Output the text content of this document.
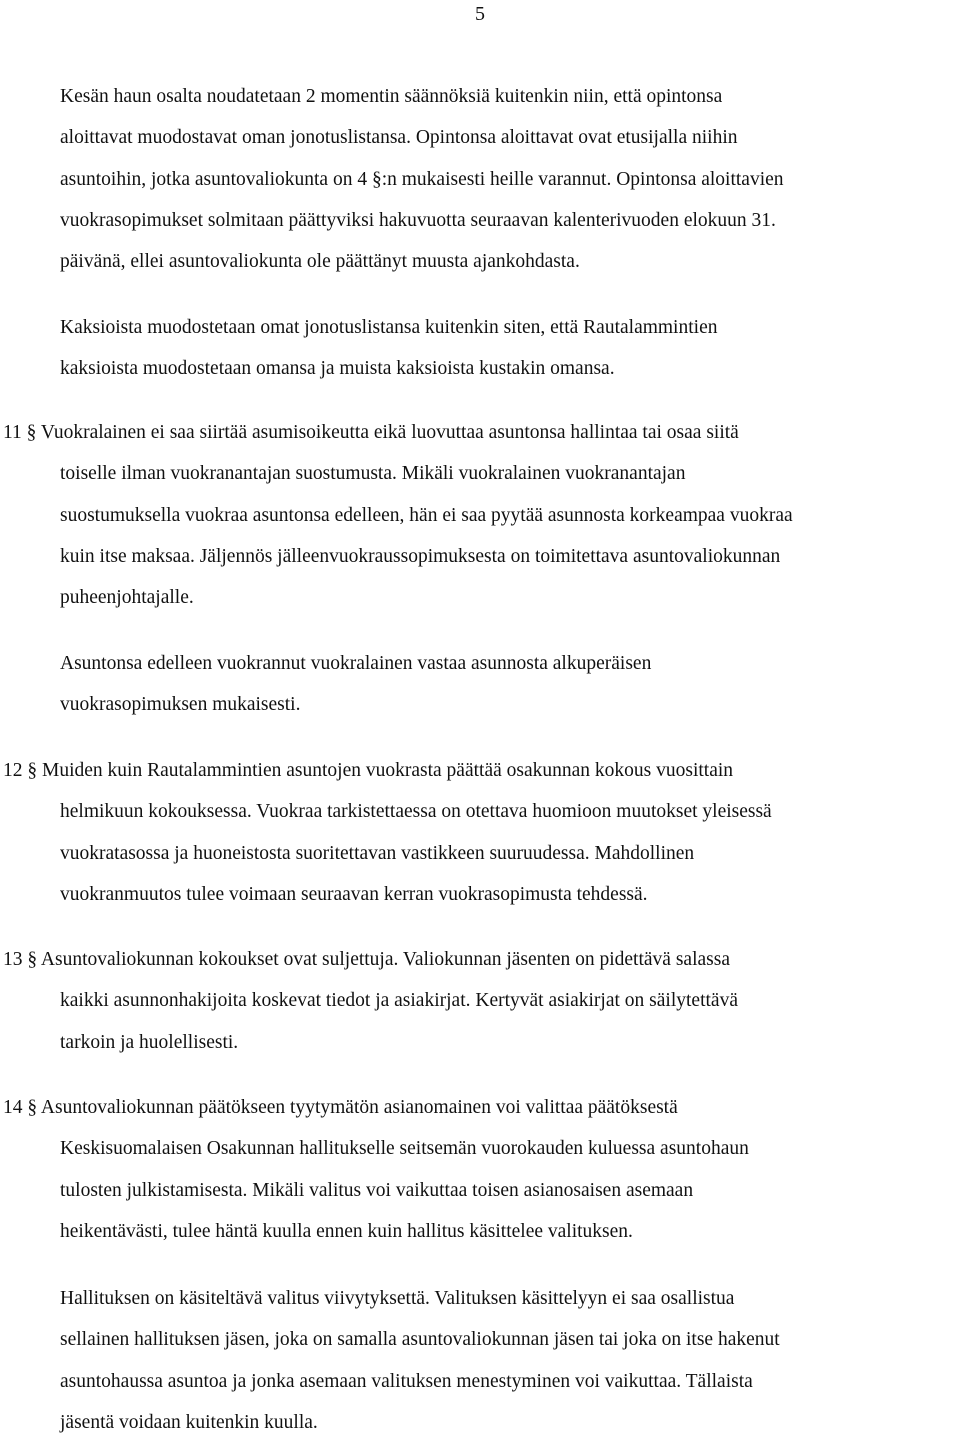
5

Kesän haun osalta noudatetaan 2 momentin säännöksiä kuitenkin niin, että opintonsa
aloittavat muodostavat oman jonotuslistansa. Opintonsa aloittavat ovat etusijalla niihin
asuntoihin, jotka asuntovaliokunta on 4 §:n mukaisesti heille varannut. Opintonsa aloittavien
vuokrasopimukset solmitaan päättyviksi hakuvuotta seuraavan kalenterivuoden elokuun 31.
päivänä, ellei asuntovaliokunta ole päättänyt muusta ajankohdasta.

Kaksioista muodostetaan omat jonotuslistansa kuitenkin siten, että Rautalammintien
kaksioista muodostetaan omansa ja muista kaksioista kustakin omansa.

11 § Vuokralainen ei saa siirtää asumisoikeutta eikä luovuttaa asuntonsa hallintaa tai osaa siitä
toiselle ilman vuokranantajan suostumusta. Mikäli vuokralainen vuokranantajan
suostumuksella vuokraa asuntonsa edelleen, hän ei saa pyytää asunnosta korkeampaa vuokraa
kuin itse maksaa. Jäljennös jälleenvuokraussopimuksesta on toimitettava asuntovaliokunnan
puheenjohtajalle.

Asuntonsa edelleen vuokrannut vuokralainen vastaa asunnosta alkuperäisen
vuokrasopimuksen mukaisesti.

12 § Muiden kuin Rautalammintien asuntojen vuokrasta päättää osakunnan kokous vuosittain
helmikuun kokouksessa. Vuokraa tarkistettaessa on otettava huomioon muutokset yleisessä
vuokratasossa ja huoneistosta suoritettavan vastikkeen suuruudessa. Mahdollinen
vuokranmuutos tulee voimaan seuraavan kerran vuokrasopimusta tehdessä.

13 § Asuntovaliokunnan kokoukset ovat suljettuja. Valiokunnan jäsenten on pidettävä salassa
kaikki asunnonhakijoita koskevat tiedot ja asiakirjat. Kertyvät asiakirjat on säilytettävä
tarkoin ja huolellisesti.

14 § Asuntovaliokunnan päätökseen tyytymätön asianomainen voi valittaa päätöksestä
Keskisuomalaisen Osakunnan hallitukselle seitsemän vuorokauden kuluessa asuntohaun
tulosten julkistamisesta. Mikäli valitus voi vaikuttaa toisen asianosaisen asemaan
heikentävästi, tulee häntä kuulla ennen kuin hallitus käsittelee valituksen.

Hallituksen on käsiteltävä valitus viivytyksettä. Valituksen käsittelyyn ei saa osallistua
sellainen hallituksen jäsen, joka on samalla asuntovaliokunnan jäsen tai joka on itse hakenut
asuntohaussa asuntoa ja jonka asemaan valituksen menestyminen voi vaikuttaa. Tällaista
jäsentä voidaan kuitenkin kuulla.
